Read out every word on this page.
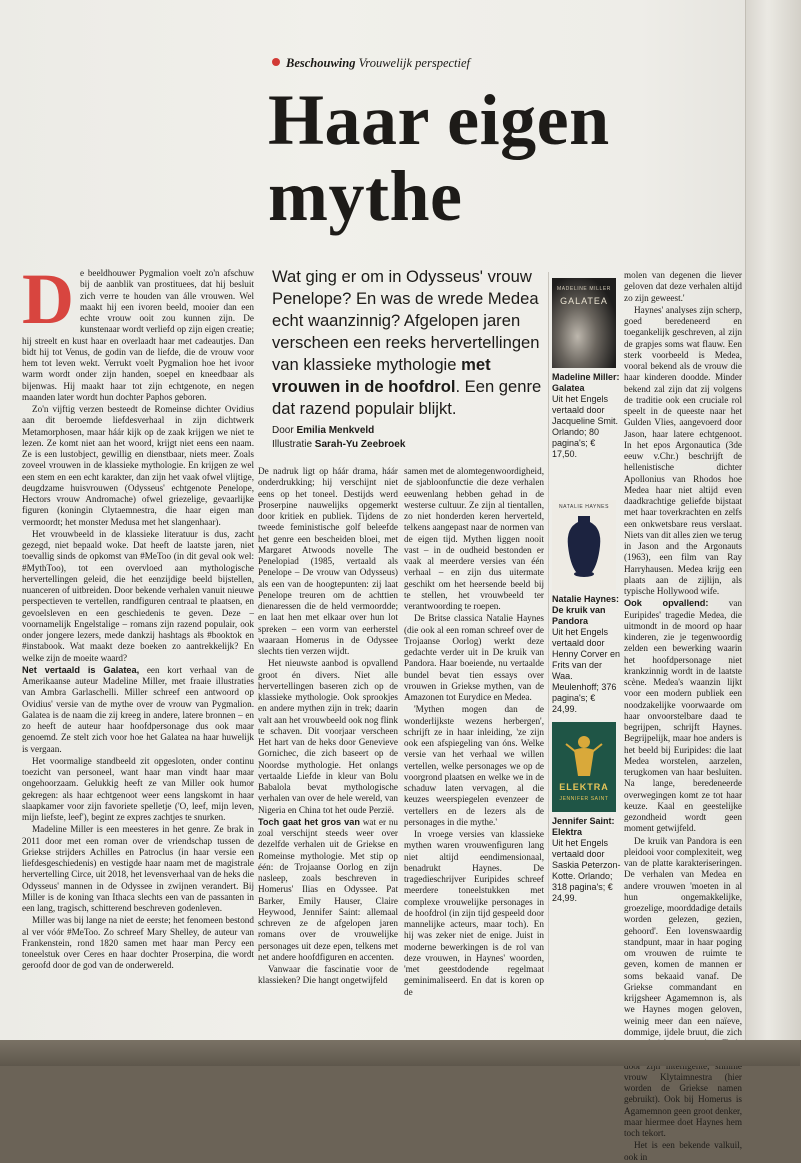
Beschouwing Vrouwelijk perspectief
Haar eigen
mythe
Wat ging er om in Odysseus' vrouw Penelope? En was de wrede Medea echt waanzinnig? Afgelopen jaren verscheen een reeks hervertellingen van klassieke mythologie met vrouwen in de hoofdrol. Een genre dat razend populair blijkt.
Door Emilia Menkveld
Illustratie Sarah-Yu Zeebroek

De beeldhouwer Pygmalion voelt zo'n afschuw bij de aanblik van prostituees, dat hij besluit zich verre te houden van álle vrouwen. Wel maakt hij een ivoren beeld, mooier dan een echte vrouw ooit zou kunnen zijn. De kunstenaar wordt verliefd op zijn eigen creatie; hij streelt en kust haar en overlaadt haar met cadeautjes. Dan bidt hij tot Venus, de godin van de liefde, die de vrouw voor hem tot leven wekt. Verrukt voelt Pygmalion hoe het ivoor warm wordt onder zijn handen, soepel en kneedbaar als bijenwas. Hij maakt haar tot zijn echtgenote, en negen maanden later wordt hun dochter Paphos geboren.

Zo'n vijftig verzen besteedt de Romeinse dichter Ovidius aan dit beroemde liefdesverhaal in zijn dichtwerk Metamorphosen, maar háár kijk op de zaak krijgen we niet te lezen. Ze komt niet aan het woord, krijgt niet eens een naam. Ze is een lustobject, gewillig en dienstbaar, niets meer. Zoals zoveel vrouwen in de klassieke mythologie. En krijgen ze wel een stem en een echt karakter, dan zijn het vaak ofwel vlijtige, deugdzame huisvrouwen (Odysseus' echtgenote Penelope, Hectors vrouw Andromache) ofwel griezelige, gevaarlijke figuren (koningin Clytaemnestra, die haar eigen man vermoordt; het monster Medusa met het slangenhaar).

Het vrouwbeeld in de klassieke literatuur is dus, zacht gezegd, niet bepaald woke. Dat heeft de laatste jaren, niet toevallig sinds de opkomst van #MeToo (in dit geval ook wel: #MythToo), tot een overvloed aan mythologische hervertellingen geleid, die het eenzijdige beeld bijstellen, nuanceren of uitbreiden. Door bekende verhalen vanuit nieuwe perspectieven te vertellen, randfiguren centraal te plaatsen, en gevoelsleven en een geschiedenis te geven. Deze – voornamelijk Engelstalige – romans zijn razend populair, ook onder jongere lezers, mede dankzij hashtags als #booktok en #instabook. Wat maakt deze boeken zo aantrekkelijk? En welke zijn de moeite waard?

Net vertaald is Galatea, een kort verhaal van de Amerikaanse auteur Madeline Miller, met fraaie illustraties van Ambra Garlaschelli. Miller schreef een antwoord op Ovidius' versie van de mythe over de vrouw van Pygmalion. Galatea is de naam die zij kreeg in andere, latere bronnen – en zo heeft de auteur haar hoofdpersonage dus ook maar genoemd. Ze stelt zich voor hoe het Galatea na haar huwelijk is vergaan.

Het voormalige standbeeld zit opgesloten, onder continu toezicht van personeel, want haar man vindt haar maar ongehoorzaam. Gelukkig heeft ze van Miller ook humor gekregen: als haar echtgenoot weer eens langskomt in haar slaapkamer voor zijn favoriete spelletje ('O, leef, mijn leven, mijn liefste, leef'), begint ze expres zachtjes te snurken.

Madeline Miller is een meesteres in het genre. Ze brak in 2011 door met een roman over de vriendschap tussen de Griekse strijders Achilles en Patroclus (in haar versie een liefdesgeschiedenis) en vestigde haar naam met de magistrale hervertelling Circe, uit 2018, het levensverhaal van de heks die Odysseus' mannen in de Odyssee in zwijnen verandert. Bij Miller is de koning van Ithaca slechts een van de passanten in een lang, tragisch, schitterend beschreven godenleven.

Miller was bij lange na niet de eerste; het fenomeen bestond al ver vóór #MeToo. Zo schreef Mary Shelley, de auteur van Frankenstein, rond 1820 samen met haar man Percy een toneelstuk over Ceres en haar dochter Proserpina, die wordt geroofd door de god van de onderwereld.

De nadruk ligt op háár drama, háár onderdrukking; hij verschijnt niet eens op het toneel. Destijds werd Proserpine nauwelijks opgemerkt door kritiek en publiek. Tijdens de tweede feministische golf beleefde het genre een bescheiden bloei, met Margaret Atwoods novelle The Penelopiad (1985, vertaald als Penelope – De vrouw van Odysseus) als een van de hoogtepunten: zij laat Penelope treuren om de achttien dienaressen die de held vermoordde; en laat hen met elkaar over hun lot spreken – een vorm van eerherstel waaraan Homerus in de Odyssee slechts tien verzen wijdt.

Het nieuwste aanbod is opvallend groot én divers. Niet alle hervertellingen baseren zich op de klassieke mythologie. Ook sprookjes en andere mythen zijn in trek; daarin valt aan het vrouwbeeld ook nog flink te schaven. Dit voorjaar verscheen Het hart van de heks door Genevieve Gornichec, die zich baseert op de Noordse mythologie. Het onlangs vertaalde Liefde in kleur van Bolu Babalola bevat mythologische verhalen van over de hele wereld, van Nigeria en China tot het oude Perzië.

Toch gaat het gros van wat er nu zoal verschijnt steeds weer over dezelfde verhalen uit de Griekse en Romeinse mythologie. Met stip op één: de Trojaanse Oorlog en zijn nasleep, zoals beschreven in Homerus' Ilias en Odyssee. Pat Barker, Emily Hauser, Claire Heywood, Jennifer Saint: allemaal schreven ze de afgelopen jaren romans over de vrouwelijke personages uit deze epen, telkens met net andere hoofdfiguren en accenten.

Vanwaar die fascinatie voor de klassieken? Die hangt ongetwijfeld

samen met de alomtegenwoordigheid, de sjabloonfunctie die deze verhalen eeuwenlang hebben gehad in de westerse cultuur. Ze zijn al tientallen, zo niet honderden keren herverteld, telkens aangepast naar de normen van de eigen tijd. Mythen liggen nooit vast – in de oudheid bestonden er vaak al meerdere versies van één verhaal – en zijn dus uitermate geschikt om het heersende beeld bij te stellen, het vrouwbeeld ter verantwoording te roepen.

De Britse classica Natalie Haynes (die ook al een roman schreef over de Trojaanse Oorlog) werkt deze gedachte verder uit in De kruik van Pandora. Haar boeiende, nu vertaalde bundel bevat tien essays over vrouwen in Griekse mythen, van de Amazonen tot Eurydice en Medea.

'Mythen mogen dan de wonderlijkste wezens herbergen', schrijft ze in haar inleiding, 'ze zijn ook een afspiegeling van óns. Welke versie van het verhaal we willen vertellen, welke personages we op de voorgrond plaatsen en welke we in de schaduw laten vervagen, al die keuzes weerspiegelen evenzeer de vertellers en de lezers als de personages in die mythe.'

In vroege versies van klassieke mythen waren vrouwenfiguren lang niet altijd eendimensionaal, benadrukt Haynes. De tragedieschrijver Euripides schreef meerdere toneelstukken met complexe vrouwelijke personages in de hoofdrol (in zijn tijd gespeeld door mannelijke acteurs, maar toch). En hij was zeker niet de enige. Juist in moderne bewerkingen is de rol van deze vrouwen, in Haynes' woorden, 'met geestdodende regelmaat geminimaliseerd. En dat is koren op de

MADELINE MILLER
GALATEA
Madeline Miller: Galatea
Uit het Engels vertaald door Jacqueline Smit. Orlando; 80 pagina's; € 17,50.
NATALIE HAYNES
Natalie Haynes: De kruik van Pandora
Uit het Engels vertaald door Henny Corver en Frits van der Waa. Meulenhoff; 376 pagina's; € 24,99.
ELEKTRA
JENNIFER SAINT
Jennifer Saint: Elektra
Uit het Engels vertaald door Saskia Peterzon-Kotte. Orlando; 318 pagina's; € 24,99.

molen van degenen die liever geloven dat deze verhalen altijd zo zijn geweest.'

Haynes' analyses zijn scherp, goed beredeneerd en toegankelijk geschreven, al zijn de grapjes soms wat flauw. Een sterk voorbeeld is Medea, vooral bekend als de vrouw die haar kinderen doodde. Minder bekend zal zijn dat zij volgens de traditie ook een cruciale rol speelt in de queeste naar het Gulden Vlies, aangevoerd door Jason, haar latere echtgenoot. In het epos Argonautica (3de eeuw v.Chr.) beschrijft de hellenistische dichter Apollonius van Rhodos hoe Medea haar niet altijd even daadkrachtige geliefde bijstaat met haar toverkrachten en zelfs een onkwetsbare reus verslaat. Niets van dit alles zien we terug in Jason and the Argonauts (1963), een film van Ray Harryhausen. Medea krijg een plaats aan de zijlijn, als typische Hollywood wife.

Ook opvallend: van Euripides' tragedie Medea, die uitmondt in de moord op haar kinderen, zie je tegenwoordig zelden een bewerking waarin het hoofdpersonage niet krankzinnig wordt in de laatste scène. Medea's waanzin lijkt voor een modern publiek een noodzakelijke voorwaarde om haar onvoorstelbare daad te begrijpen, schrijft Haynes. Begrijpelijk, maar hoe anders is het beeld bij Euripides: die laat Medea worstelen, aarzelen, terugkomen van haar besluiten. Na lange, beredeneerde overwegingen komt ze tot haar keuze. Kaal en geestelijke gezondheid wordt geen moment getwijfeld.

De kruik van Pandora is een pleidooi voor complexiteit, weg van de platte karakteriseringen. De verhalen van Medea en andere vrouwen 'moeten in al hun ongemakkelijke, groezelige, moorddadige details worden gelezen, gezien, gehoord'. Een lovenswaardig standpunt, maar in haar poging om vrouwen de ruimte te geven, komen de mannen er soms bekaaid vanaf. De Griekse commandant en krijgsheer Agamemnon is, als we Haynes mogen geloven, weinig meer dan een naïeve, dommige, ijdele bruut, die zich vrouw Klytaimnestra (hier worden de Griekse namen gebruikt). Ook bij Homerus is Agamemnon geen groot denker, maar hiermee doet Haynes hem toch tekort.

Het is een bekende valkuil, ook in
